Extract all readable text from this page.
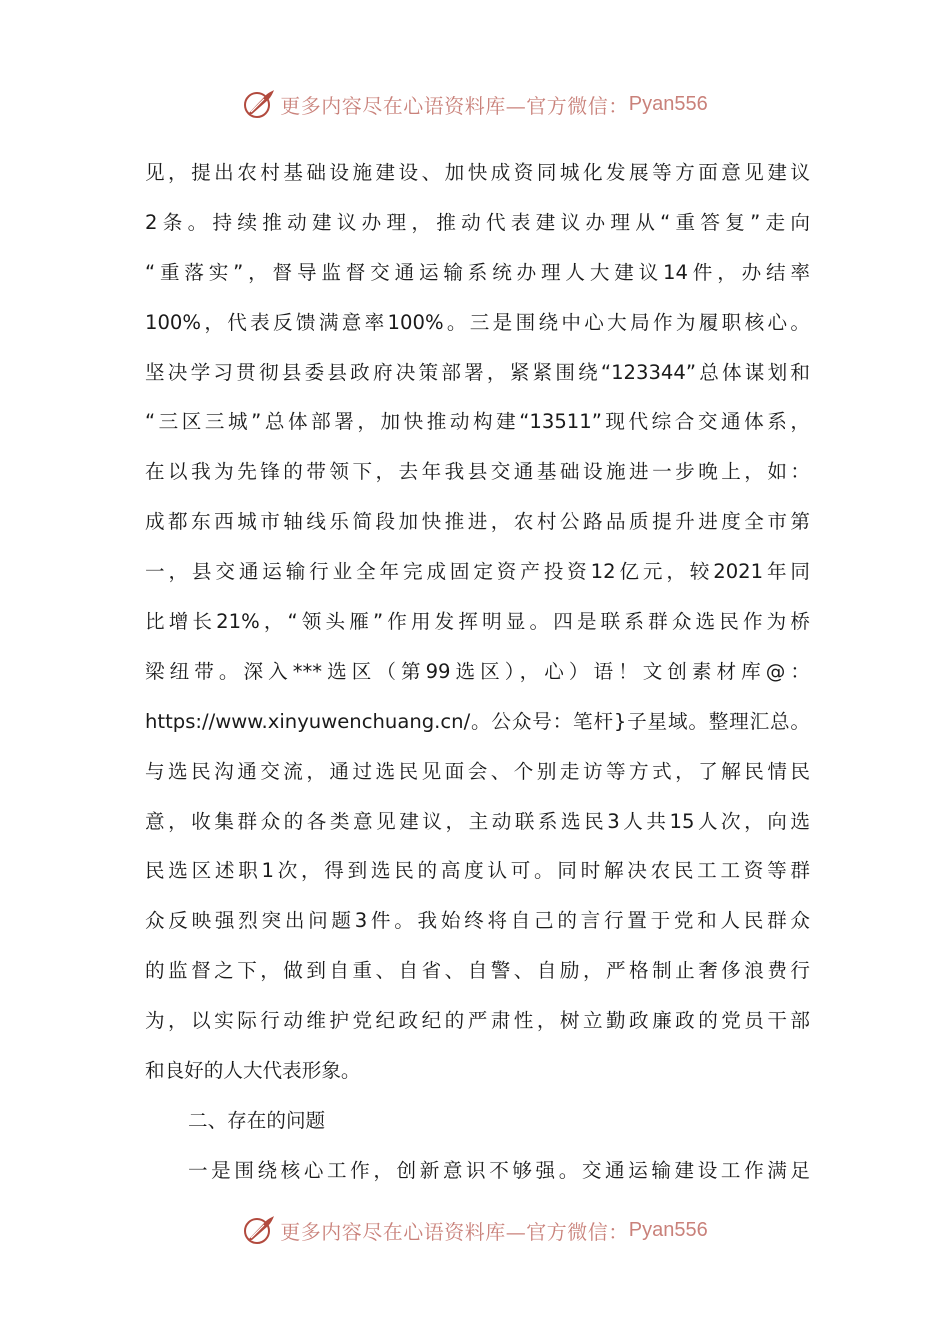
更多内容尽在心语资料库—官方微信： Pyan556
见，提出农村基础设施建设、加快成资同城化发展等方面意见建议
2条。持续推动建议办理，推动代表建议办理从“重答复”走向
“重落实”，督导监督交通运输系统办理人大建议14件，办结率
100%，代表反馈满意率100%。三是围绕中心大局作为履职核心。
坚决学习贯彻县委县政府决策部署，紧紧围绕“123344”总体谋划和
“三区三城”总体部署，加快推动构建“13511”现代综合交通体系，
在以我为先锋的带领下，去年我县交通基础设施进一步晚上，如：
成都东西城市轴线乐简段加快推进，农村公路品质提升进度全市第
一，县交通运输行业全年完成固定资产投资12亿元，较2021年同
比增长21%，“领头雁”作用发挥明显。四是联系群众选民作为桥
梁纽带。深入***选区（第99选区），心）语！文创素材库@：
https://www.xinyuwenchuang.cn/。公众号：笔杆}子星域。整理汇总。
与选民沟通交流，通过选民见面会、个别走访等方式，了解民情民
意，收集群众的各类意见建议，主动联系选民3人共15人次，向选
民选区述职1次，得到选民的高度认可。同时解决农民工工资等群
众反映强烈突出问题3件。我始终将自己的言行置于党和人民群众
的监督之下，做到自重、自省、自警、自励，严格制止奢侈浪费行
为，以实际行动维护党纪政纪的严肃性，树立勤政廉政的党员干部
和良好的人大代表形象。
二、存在的问题
一是围绕核心工作，创新意识不够强。交通运输建设工作满足
更多内容尽在心语资料库—官方微信： Pyan556
